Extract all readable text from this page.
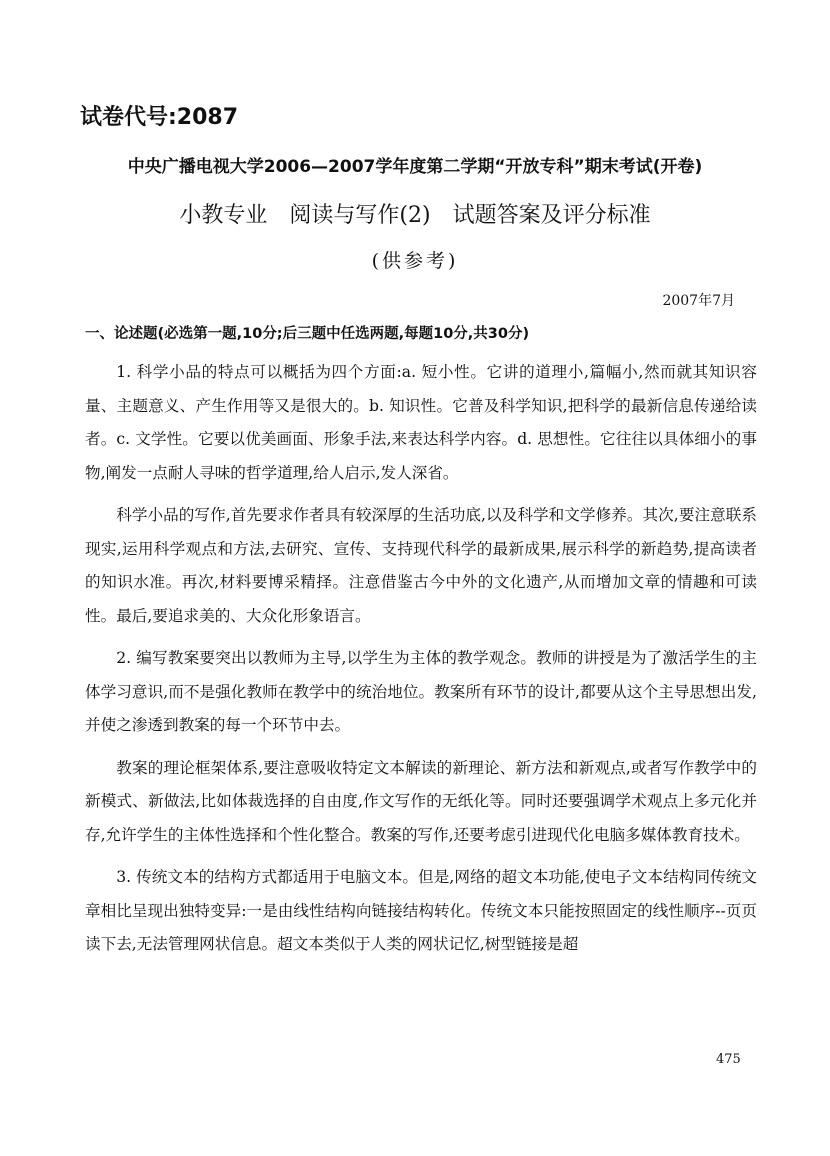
试卷代号:2087
中央广播电视大学2006—2007学年度第二学期“开放专科”期末考试(开卷)
小教专业　阅读与写作(2)　试题答案及评分标准
(供参考)
2007年7月
一、论述题(必选第一题,10分;后三题中任选两题,每题10分,共30分)

1. 科学小品的特点可以概括为四个方面:a. 短小性。它讲的道理小,篇幅小,然而就其知识容量、主题意义、产生作用等又是很大的。b. 知识性。它普及科学知识,把科学的最新信息传递给读者。c. 文学性。它要以优美画面、形象手法,来表达科学内容。d. 思想性。它往往以具体细小的事物,阐发一点耐人寻味的哲学道理,给人启示,发人深省。

科学小品的写作,首先要求作者具有较深厚的生活功底,以及科学和文学修养。其次,要注意联系现实,运用科学观点和方法,去研究、宣传、支持现代科学的最新成果,展示科学的新趋势,提高读者的知识水准。再次,材料要博采精择。注意借鉴古今中外的文化遗产,从而增加文章的情趣和可读性。最后,要追求美的、大众化形象语言。

2. 编写教案要突出以教师为主导,以学生为主体的教学观念。教师的讲授是为了激活学生的主体学习意识,而不是强化教师在教学中的统治地位。教案所有环节的设计,都要从这个主导思想出发,并使之渗透到教案的每一个环节中去。

教案的理论框架体系,要注意吸收特定文本解读的新理论、新方法和新观点,或者写作教学中的新模式、新做法,比如体裁选择的自由度,作文写作的无纸化等。同时还要强调学术观点上多元化并存,允许学生的主体性选择和个性化整合。教案的写作,还要考虑引进现代化电脑多媒体教育技术。

3. 传统文本的结构方式都适用于电脑文本。但是,网络的超文本功能,使电子文本结构同传统文章相比呈现出独特变异:一是由线性结构向链接结构转化。传统文本只能按照固定的线性顺序--页页读下去,无法管理网状信息。超文本类似于人类的网状记忆,树型链接是超

475
